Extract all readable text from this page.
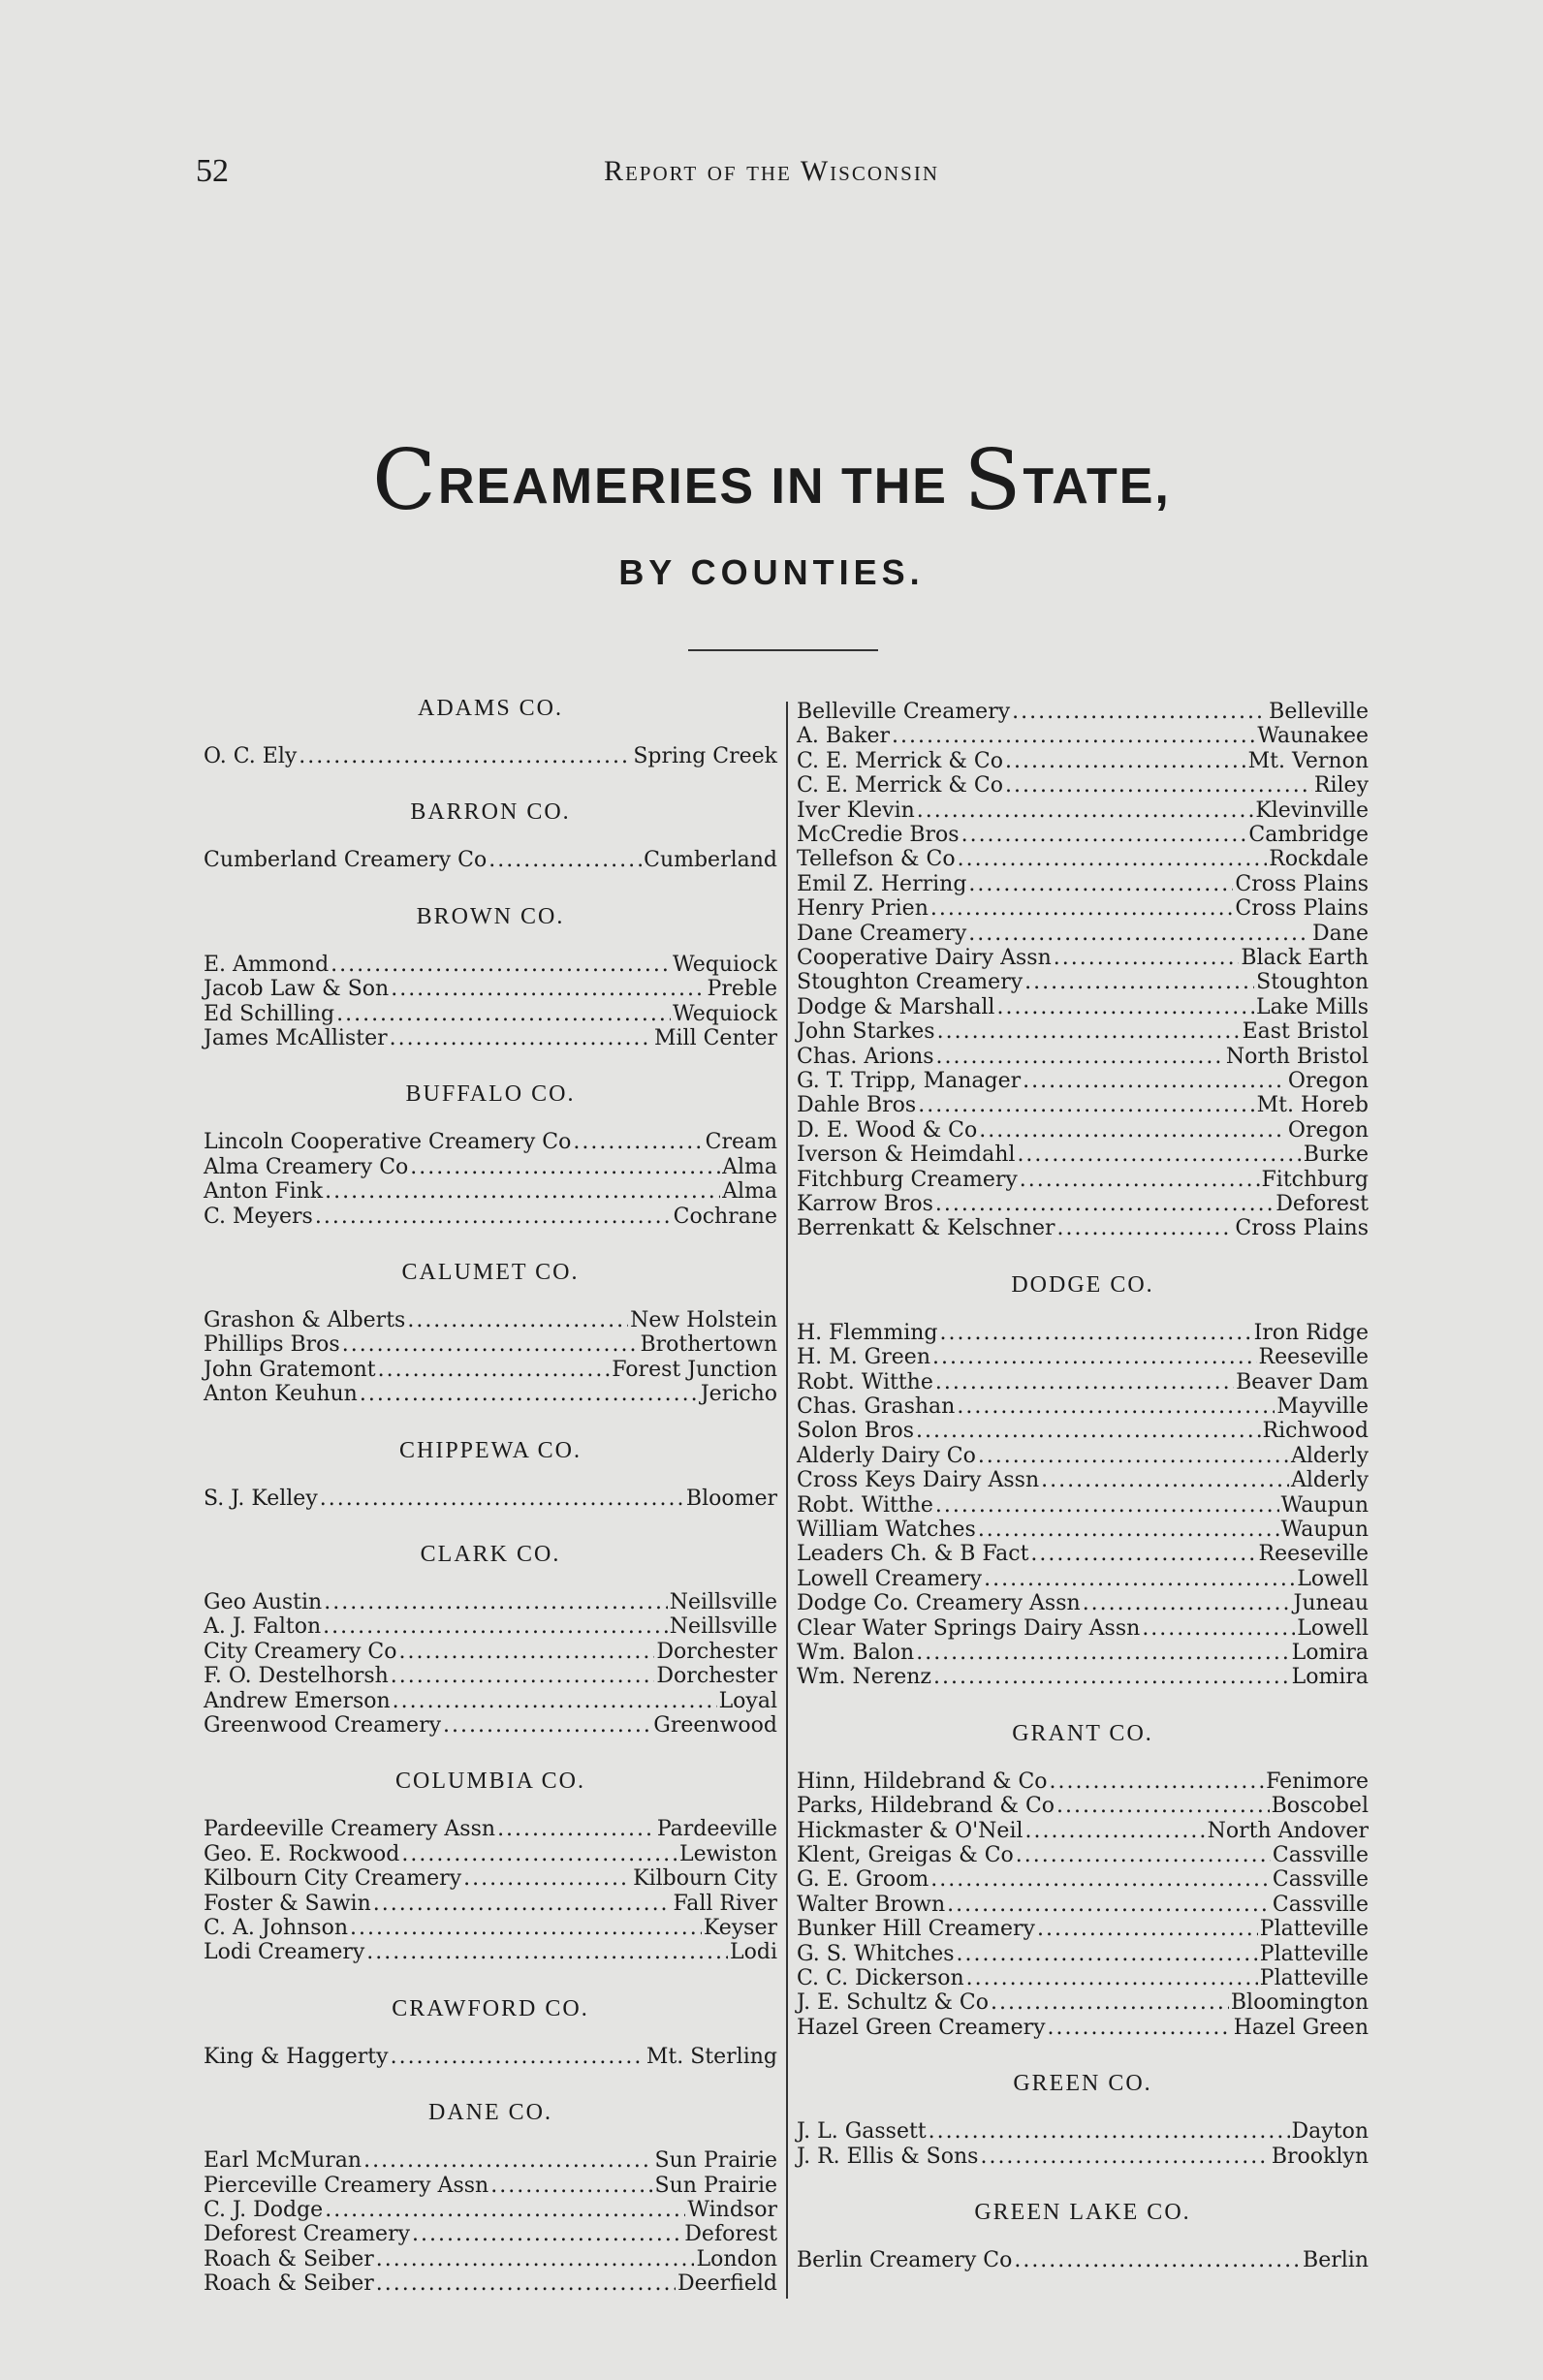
52	Report of the Wisconsin
CREAMERIES IN THE STATE,
BY COUNTIES.
ADAMS CO.
O. C. Ely .....	Spring Creek
BARRON CO.
Cumberland Creamery Co .....	Cumberland
BROWN CO.
E. Ammond .....	Wequiock
Jacob Law & Son .....	Preble
Ed Schilling .....	Wequiock
James McAllister .....	Mill Center
BUFFALO CO.
Lincoln Cooperative Creamery Co .....	Cream
Alma Creamery Co .....	Alma
Anton Fink .....	Alma
C. Meyers .....	Cochrane
CALUMET CO.
Grashon & Alberts .....	New Holstein
Phillips Bros .....	Brothertown
John Gratemont .....	Forest Junction
Anton Keuhun .....	Jericho
CHIPPEWA CO.
S. J. Kelley .....	Bloomer
CLARK CO.
Geo Austin .....	Neillsville
A. J. Falton .....	Neillsville
City Creamery Co .....	Dorchester
F. O. Destelhorsh .....	Dorchester
Andrew Emerson .....	Loyal
Greenwood Creamery .....	Greenwood
COLUMBIA CO.
Pardeeville Creamery Assn .....	Pardeeville
Geo. E. Rockwood .....	Lewiston
Kilbourn City Creamery .....	Kilbourn City
Foster & Sawin .....	Fall River
C. A. Johnson .....	Keyser
Lodi Creamery .....	Lodi
CRAWFORD CO.
King & Haggerty .....	Mt. Sterling
DANE CO.
Earl McMuran .....	Sun Prairie
Pierceville Creamery Assn .....	Sun Prairie
C. J. Dodge .....	Windsor
Deforest Creamery .....	Deforest
Roach & Seiber .....	London
Roach & Seiber .....	Deerfield
Belleville Creamery .....	Belleville
A. Baker .....	Waunakee
C. E. Merrick & Co .....	Mt. Vernon
C. E. Merrick & Co .....	Riley
Iver Klevin .....	Klevinville
McCredie Bros .....	Cambridge
Tellefson & Co .....	Rockdale
Emil Z. Herring .....	Cross Plains
Henry Prien .....	Cross Plains
Dane Creamery .....	Dane
Cooperative Dairy Assn .....	Black Earth
Stoughton Creamery .....	Stoughton
Dodge & Marshall .....	Lake Mills
John Starkes .....	East Bristol
Chas. Arions .....	North Bristol
G. T. Tripp, Manager .....	Oregon
Dahle Bros .....	Mt. Horeb
D. E. Wood & Co .....	Oregon
Iverson & Heimdahl .....	Burke
Fitchburg Creamery .....	Fitchburg
Karrow Bros .....	Deforest
Berrenkatt & Kelschner .....	Cross Plains
DODGE CO.
H. Flemming .....	Iron Ridge
H. M. Green .....	Reeseville
Robt. Witthe .....	Beaver Dam
Chas. Grashan .....	Mayville
Solon Bros .....	Richwood
Alderly Dairy Co .....	Alderly
Cross Keys Dairy Assn .....	Alderly
Robt. Witthe .....	Waupun
William Watches .....	Waupun
Leaders Ch. & B Fact .....	Reeseville
Lowell Creamery .....	Lowell
Dodge Co. Creamery Assn .....	Juneau
Clear Water Springs Dairy Assn .....	Lowell
Wm. Balon .....	Lomira
Wm. Nerenz .....	Lomira
GRANT CO.
Hinn, Hildebrand & Co .....	Fenimore
Parks, Hildebrand & Co .....	Boscobel
Hickmaster & O'Neil .....	North Andover
Klent, Greigas & Co .....	Cassville
G. E. Groom .....	Cassville
Walter Brown .....	Cassville
Bunker Hill Creamery .....	Platteville
G. S. Whitches .....	Platteville
C. C. Dickerson .....	Platteville
J. E. Schultz & Co .....	Bloomington
Hazel Green Creamery .....	Hazel Green
GREEN CO.
J. L. Gassett .....	Dayton
J. R. Ellis & Sons .....	Brooklyn
GREEN LAKE CO.
Berlin Creamery Co .....	Berlin
